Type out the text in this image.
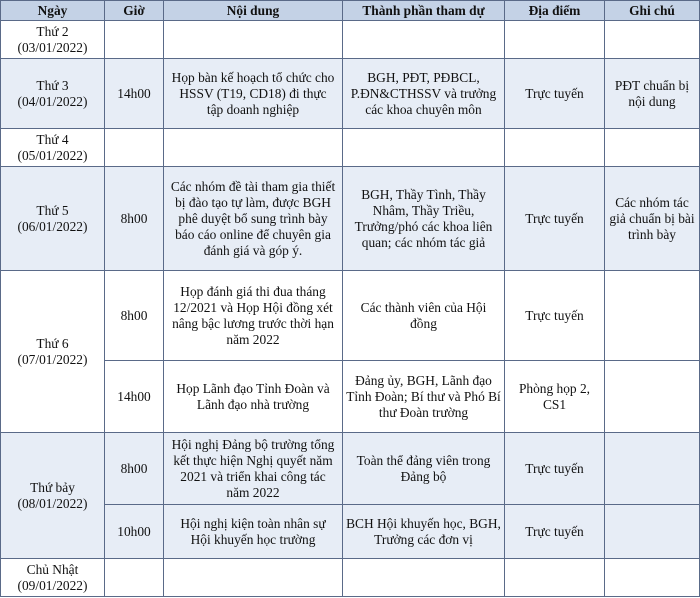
Ngày	Giờ	Nội dung	Thành phần tham dự	Địa điểm	Ghi chú

Thứ 2
(03/01/2022)					

Thứ 3
(04/01/2022)	14h00	Họp bàn kế hoạch tổ chức cho HSSV (T19, CD18) đi thực tập doanh nghiệp	BGH, PĐT, PĐBCL, P.ĐN&CTHSSV và trưởng các khoa chuyên môn	Trực tuyến	PĐT chuẩn bị nội dung

Thứ 4
(05/01/2022)					

Thứ 5
(06/01/2022)	8h00	Các nhóm đề tài tham gia thiết bị đào tạo tự làm, được BGH phê duyệt bổ sung trình bày báo cáo online để chuyên gia đánh giá và góp ý.	BGH, Thầy Tình, Thầy Nhâm, Thầy Triều, Trưởng/phó các khoa liên quan; các nhóm tác giả	Trực tuyến	Các nhóm tác giả chuẩn bị bài trình bày

Thứ 6
(07/01/2022)	8h00	Họp đánh giá thi đua tháng 12/2021 và Họp Hội đồng xét nâng bậc lương trước thời hạn năm 2022	Các thành viên của Hội đồng	Trực tuyến	
	14h00	Họp Lãnh đạo Tỉnh Đoàn và Lãnh đạo nhà trường	Đảng ủy, BGH, Lãnh đạo Tỉnh Đoàn; Bí thư và Phó Bí thư Đoàn trường	Phòng họp 2, CS1	

Thứ bảy
(08/01/2022)	8h00	Hội nghị Đảng bộ trường tổng kết thực hiện Nghị quyết năm 2021 và triển khai công tác năm 2022	Toàn thể đảng viên trong Đảng bộ	Trực tuyến	
	10h00	Hội nghị kiện toàn nhân sự Hội khuyến học trường	BCH Hội khuyến học, BGH, Trưởng các đơn vị	Trực tuyến	

Chủ Nhật
(09/01/2022)					
